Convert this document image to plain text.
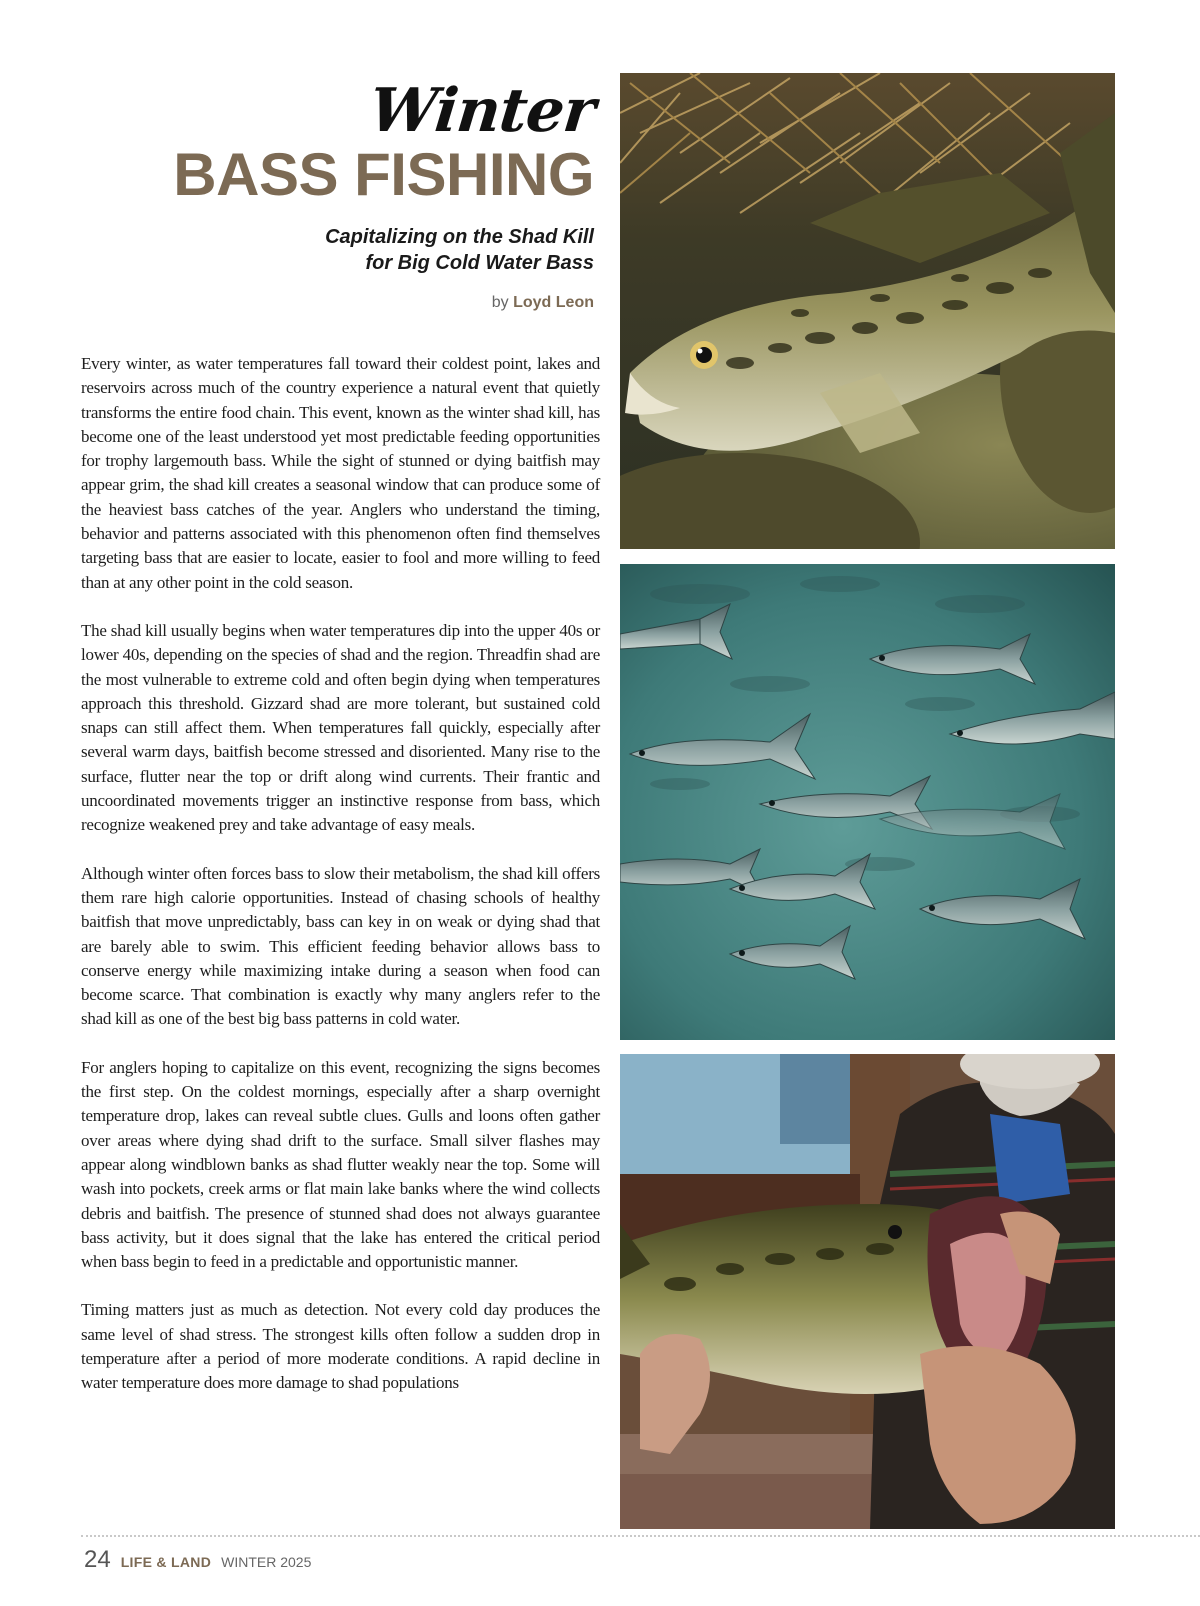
Winter
BASS FISHING
Capitalizing on the Shad Kill
for Big Cold Water Bass
by Loyd Leon

Every winter, as water temperatures fall toward their coldest point, lakes and reservoirs across much of the country experience a natural event that quietly transforms the entire food chain. This event, known as the winter shad kill, has become one of the least understood yet most predictable feeding opportunities for trophy largemouth bass. While the sight of stunned or dying baitfish may appear grim, the shad kill creates a seasonal window that can produce some of the heaviest bass catches of the year. Anglers who understand the timing, behavior and patterns associated with this phenomenon often find themselves targeting bass that are easier to locate, easier to fool and more willing to feed than at any other point in the cold season.

The shad kill usually begins when water temperatures dip into the upper 40s or lower 40s, depending on the species of shad and the region. Threadfin shad are the most vulnerable to extreme cold and often begin dying when temperatures approach this threshold. Gizzard shad are more tolerant, but sustained cold snaps can still affect them. When temperatures fall quickly, especially after several warm days, baitfish become stressed and disoriented. Many rise to the surface, flutter near the top or drift along wind currents. Their frantic and uncoordinated movements trigger an instinctive response from bass, which recognize weakened prey and take advantage of easy meals.

Although winter often forces bass to slow their metabolism, the shad kill offers them rare high calorie opportunities. Instead of chasing schools of healthy baitfish that move unpredictably, bass can key in on weak or dying shad that are barely able to swim. This efficient feeding behavior allows bass to conserve energy while maximizing intake during a season when food can become scarce. That combination is exactly why many anglers refer to the shad kill as one of the best big bass patterns in cold water.

For anglers hoping to capitalize on this event, recognizing the signs becomes the first step. On the coldest mornings, especially after a sharp overnight temperature drop, lakes can reveal subtle clues. Gulls and loons often gather over areas where dying shad drift to the surface. Small silver flashes may appear along windblown banks as shad flutter weakly near the top. Some will wash into pockets, creek arms or flat main lake banks where the wind collects debris and baitfish. The presence of stunned shad does not always guarantee bass activity, but it does signal that the lake has entered the critical period when bass begin to feed in a predictable and opportunistic manner.

Timing matters just as much as detection. Not every cold day produces the same level of shad stress. The strongest kills often follow a sudden drop in temperature after a period of more moderate conditions. A rapid decline in water temperature does more damage to shad populations

24 LIFE & LAND WINTER 2025
